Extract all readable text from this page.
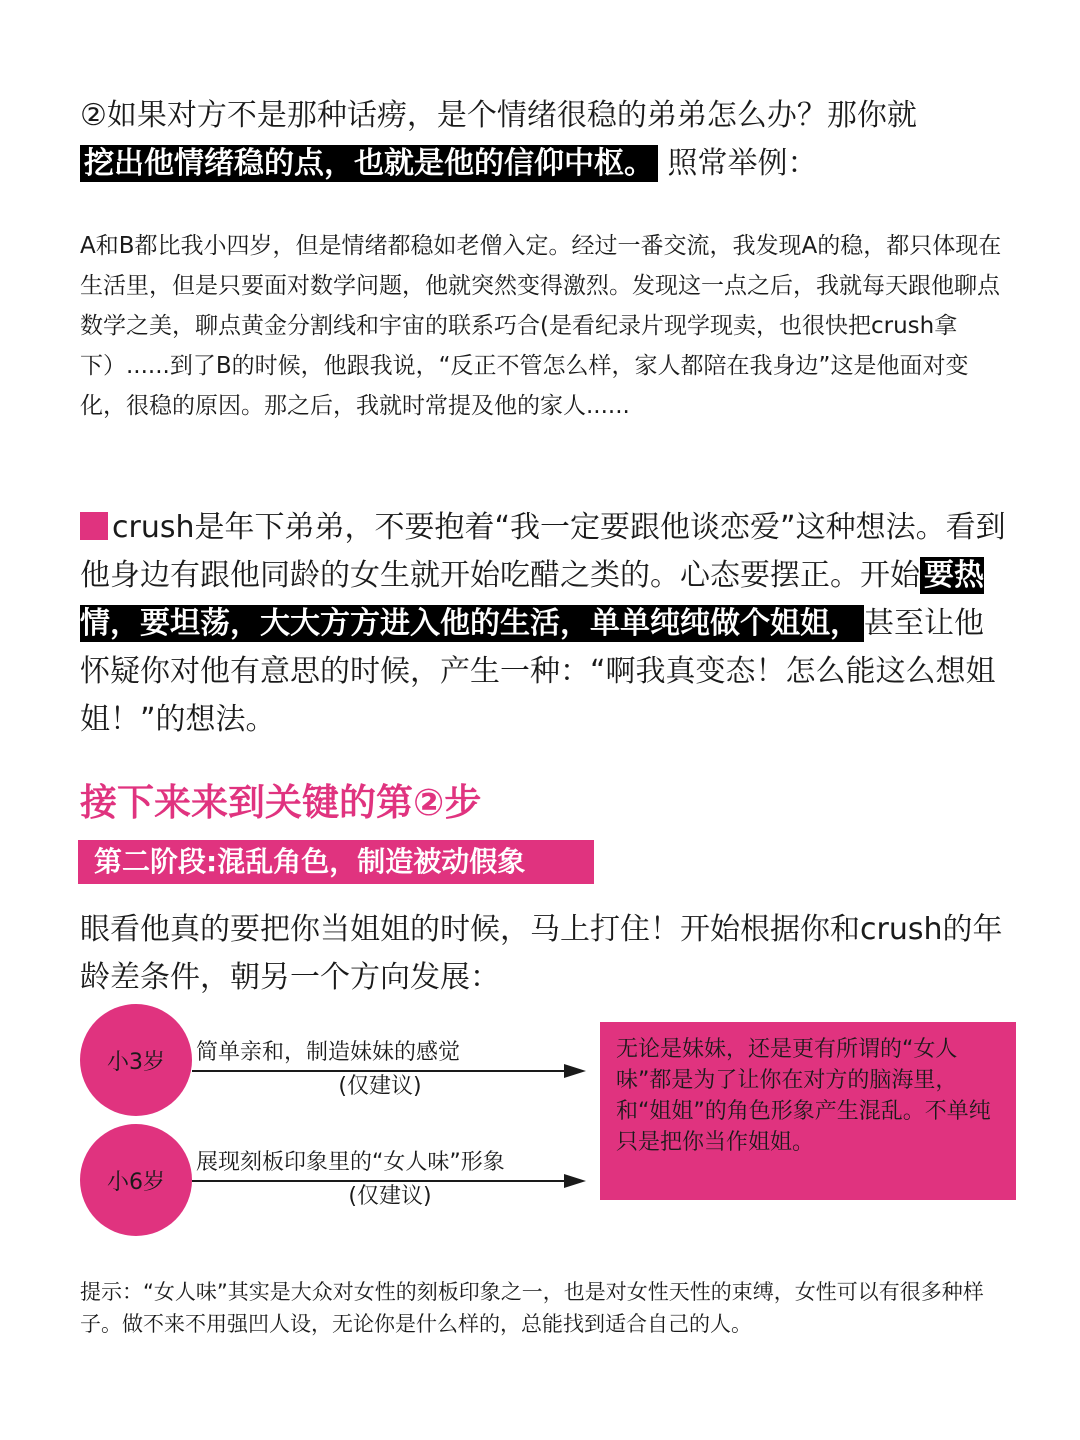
②如果对方不是那种话痨，是个情绪很稳的弟弟怎么办？那你就
挖出他情绪稳的点，也就是他的信仰中枢。 照常举例：

A和B都比我小四岁，但是情绪都稳如老僧入定。经过一番交流，我发现A的稳，都只体现在生活里，但是只要面对数学问题，他就突然变得激烈。发现这一点之后，我就每天跟他聊点数学之美，聊点黄金分割线和宇宙的联系巧合(是看纪录片现学现卖，也很快把crush拿下）......到了B的时候，他跟我说，“反正不管怎么样，家人都陪在我身边”这是他面对变化，很稳的原因。那之后，我就时常提及他的家人......

crush是年下弟弟，不要抱着“我一定要跟他谈恋爱”这种想法。看到他身边有跟他同龄的女生就开始吃醋之类的。心态要摆正。开始 要热情，要坦荡，大大方方进入他的生活，单单纯纯做个姐姐， 甚至让他怀疑你对他有意思的时候，产生一种：“啊我真变态！怎么能这么想姐姐！”的想法。

接下来来到关键的第②步
第二阶段:混乱角色，制造被动假象

眼看他真的要把你当姐姐的时候，马上打住！开始根据你和crush的年龄差条件，朝另一个方向发展：

小3岁	简单亲和，制造妹妹的感觉
(仅建议)
小6岁
展现刻板印象里的“女人味”形象
(仅建议)
无论是妹妹，还是更有所谓的“女人味”都是为了让你在对方的脑海里，和“姐姐”的角色形象产生混乱。不单纯只是把你当作姐姐。

提示：“女人味”其实是大众对女性的刻板印象之一，也是对女性天性的束缚，女性可以有很多种样子。做不来不用强凹人设，无论你是什么样的，总能找到适合自己的人。
